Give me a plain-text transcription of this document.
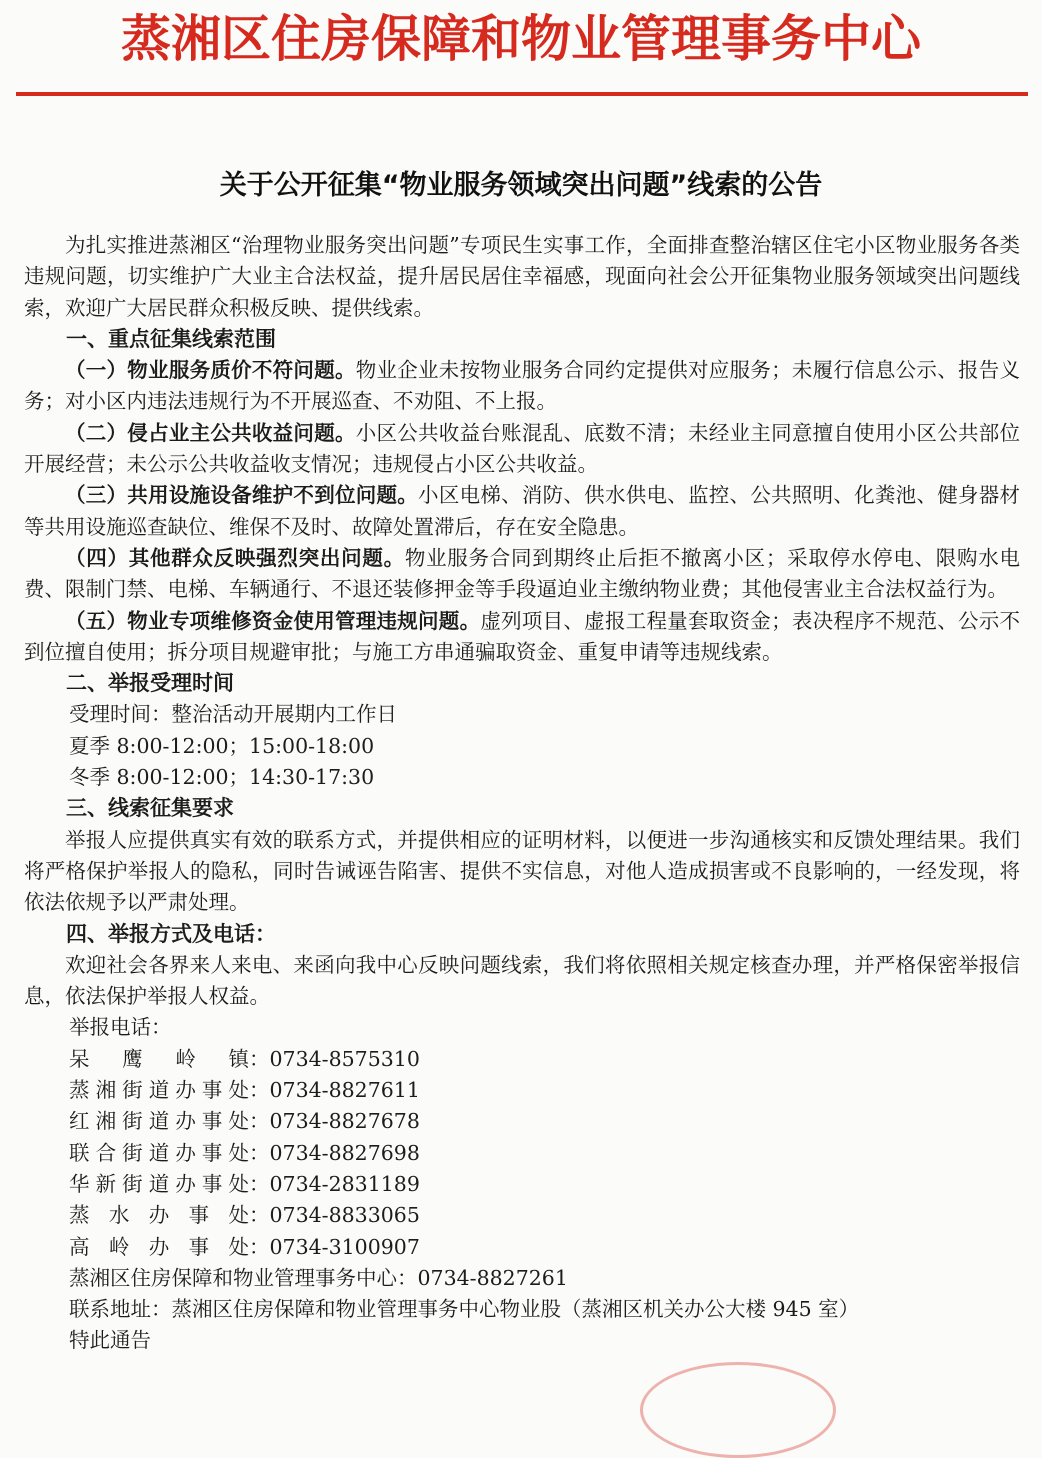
蒸湘区住房保障和物业管理事务中心
关于公开征集“物业服务领域突出问题”线索的公告

为扎实推进蒸湘区“治理物业服务突出问题”专项民生实事工作，全面排查整治辖区住宅小区物业服务各类违规问题，切实维护广大业主合法权益，提升居民居住幸福感，现面向社会公开征集物业服务领域突出问题线索，欢迎广大居民群众积极反映、提供线索。

一、重点征集线索范围

（一）物业服务质价不符问题。物业企业未按物业服务合同约定提供对应服务；未履行信息公示、报告义务；对小区内违法违规行为不开展巡查、不劝阻、不上报。

（二）侵占业主公共收益问题。小区公共收益台账混乱、底数不清；未经业主同意擅自使用小区公共部位开展经营；未公示公共收益收支情况；违规侵占小区公共收益。

（三）共用设施设备维护不到位问题。小区电梯、消防、供水供电、监控、公共照明、化粪池、健身器材等共用设施巡查缺位、维保不及时、故障处置滞后，存在安全隐患。

（四）其他群众反映强烈突出问题。物业服务合同到期终止后拒不撤离小区；采取停水停电、限购水电费、限制门禁、电梯、车辆通行、不退还装修押金等手段逼迫业主缴纳物业费；其他侵害业主合法权益行为。

（五）物业专项维修资金使用管理违规问题。虚列项目、虚报工程量套取资金；表决程序不规范、公示不到位擅自使用；拆分项目规避审批；与施工方串通骗取资金、重复申请等违规线索。

二、举报受理时间

受理时间：整治活动开展期内工作日

夏季 8:00-12:00；15:00-18:00

冬季 8:00-12:00；14:30-17:30

三、线索征集要求

举报人应提供真实有效的联系方式，并提供相应的证明材料，以便进一步沟通核实和反馈处理结果。我们将严格保护举报人的隐私，同时告诫诬告陷害、提供不实信息，对他人造成损害或不良影响的，一经发现，将依法依规予以严肃处理。

四、举报方式及电话：

欢迎社会各界来人来电、来函向我中心反映问题线索，我们将依照相关规定核查办理，并严格保密举报信息，依法保护举报人权益。

举报电话：

呆鹰岭镇 ： 0734-8575310

蒸湘街道办事处 ： 0734-8827611

红湘街道办事处 ： 0734-8827678

联合街道办事处 ： 0734-8827698

华新街道办事处 ： 0734-2831189

蒸水办事处 ： 0734-8833065

高岭办事处 ： 0734-3100907

蒸湘区住房保障和物业管理事务中心：0734-8827261

联系地址：蒸湘区住房保障和物业管理事务中心物业股（蒸湘区机关办公大楼 945 室）

特此通告
